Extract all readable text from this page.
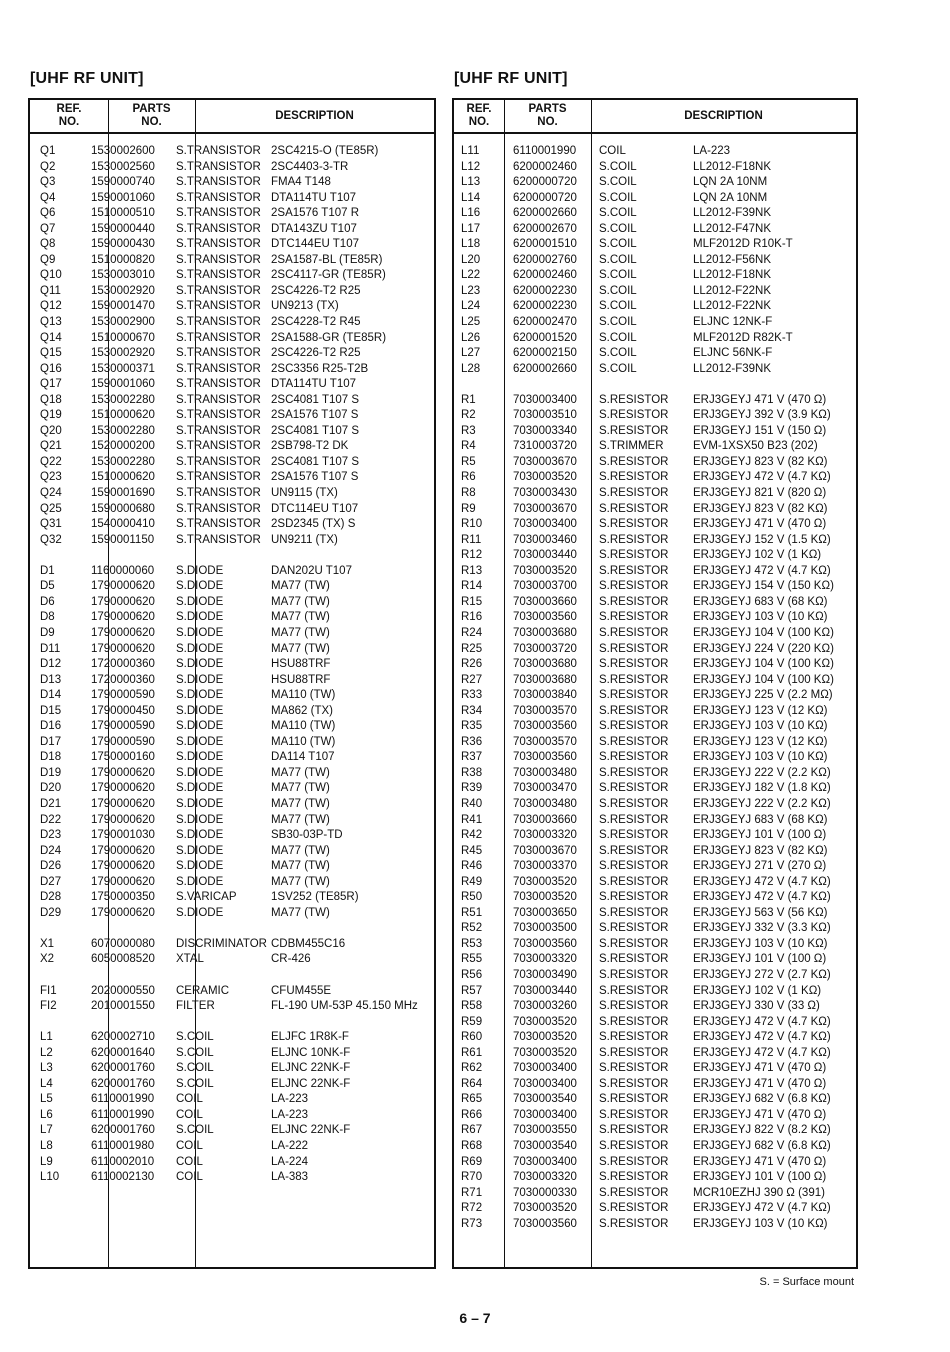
[UHF RF UNIT]	[UHF RF UNIT]
REF.
NO.
PARTS
NO.
DESCRIPTION
Q1	1530002600 S.TRANSISTOR 2SC4215-O (TE85R)
Q2	1530002560 S.TRANSISTOR 2SC4403-3-TR
Q3	1590000740 S.TRANSISTOR FMA4 T148
Q4	1590001060 S.TRANSISTOR DTA114TU T107
Q6	1510000510 S.TRANSISTOR 2SA1576 T107 R
Q7	1590000440 S.TRANSISTOR DTA143ZU T107
Q8	1590000430 S.TRANSISTOR DTC144EU T107
Q9	1510000820 S.TRANSISTOR 2SA1587-BL (TE85R)
Q10	1530003010 S.TRANSISTOR 2SC4117-GR (TE85R)
Q11	1530002920 S.TRANSISTOR 2SC4226-T2 R25
Q12	1590001470 S.TRANSISTOR UN9213 (TX)
Q13	1530002900 S.TRANSISTOR 2SC4228-T2 R45
Q14	1510000670 S.TRANSISTOR 2SA1588-GR (TE85R)
Q15	1530002920 S.TRANSISTOR 2SC4226-T2 R25
Q16	1530000371 S.TRANSISTOR 2SC3356 R25-T2B
Q17	1590001060 S.TRANSISTOR DTA114TU T107
Q18	1530002280 S.TRANSISTOR 2SC4081 T107 S
Q19	1510000620 S.TRANSISTOR 2SA1576 T107 S
Q20	1530002280 S.TRANSISTOR 2SC4081 T107 S
Q21	1520000200 S.TRANSISTOR 2SB798-T2 DK
Q22	1530002280 S.TRANSISTOR 2SC4081 T107 S
Q23	1510000620 S.TRANSISTOR 2SA1576 T107 S
Q24	1590001690 S.TRANSISTOR UN9115 (TX)
Q25	1590000680 S.TRANSISTOR DTC114EU T107
Q31	1540000410 S.TRANSISTOR 2SD2345 (TX) S
Q32	1590001150 S.TRANSISTOR UN9211 (TX)
D1	1160000060 S.DIODE	DAN202U T107
D5	1790000620 S.DIODE	MA77 (TW)
D6	1790000620 S.DIODE	MA77 (TW)
D8	1790000620 S.DIODE	MA77 (TW)
D9	1790000620 S.DIODE	MA77 (TW)
D11	1790000620 S.DIODE	MA77 (TW)
D12	1720000360 S.DIODE	HSU88TRF
D13	1720000360 S.DIODE	HSU88TRF
D14	1790000590 S.DIODE	MA110 (TW)
D15	1790000450 S.DIODE	MA862 (TX)
D16	1790000590 S.DIODE	MA110 (TW)
D17	1790000590 S.DIODE	MA110 (TW)
D18	1750000160 S.DIODE	DA114 T107
D19	1790000620 S.DIODE	MA77 (TW)
D20	1790000620 S.DIODE	MA77 (TW)
D21	1790000620 S.DIODE	MA77 (TW)
D22	1790000620 S.DIODE	MA77 (TW)
D23	1790001030 S.DIODE	SB30-03P-TD
D24	1790000620 S.DIODE	MA77 (TW)
D26	1790000620 S.DIODE	MA77 (TW)
D27	1790000620 S.DIODE	MA77 (TW)
D28	1750000350 S.VARICAP	1SV252 (TE85R)
D29	1790000620 S.DIODE	MA77 (TW)
X1	6070000080 DISCRIMINATOR CDBM455C16
X2	6050008520 XTAL	CR-426
FI1	2020000550 CERAMIC	CFUM455E
FI2	2010001550 FILTER	FL-190 UM-53P 45.150 MHz
L1	6200002710 S.COIL	ELJFC 1R8K-F
L2	6200001640 S.COIL	ELJNC 10NK-F
L3	6200001760 S.COIL	ELJNC 22NK-F
L4	6200001760 S.COIL	ELJNC 22NK-F
L5	6110001990 COIL	LA-223
L6	6110001990 COIL	LA-223
L7	6200001760 S.COIL	ELJNC 22NK-F
L8	6110001980 COIL	LA-222
L9	6110002010 COIL	LA-224
L10	6110002130 COIL	LA-383
REF.
NO.
PARTS
NO.
DESCRIPTION
L11	6110001990 COIL	LA-223
L12	6200002460 S.COIL	LL2012-F18NK
L13	6200000720 S.COIL	LQN 2A 10NM
L14	6200000720 S.COIL	LQN 2A 10NM
L16	6200002660 S.COIL	LL2012-F39NK
L17	6200002670 S.COIL	LL2012-F47NK
L18	6200001510 S.COIL	MLF2012D R10K-T
L20	6200002760 S.COIL	LL2012-F56NK
L22	6200002460 S.COIL	LL2012-F18NK
L23	6200002230 S.COIL	LL2012-F22NK
L24	6200002230 S.COIL	LL2012-F22NK
L25	6200002470 S.COIL	ELJNC 12NK-F
L26	6200001520 S.COIL	MLF2012D R82K-T
L27	6200002150 S.COIL	ELJNC 56NK-F
L28	6200002660 S.COIL	LL2012-F39NK
R1	7030003400 S.RESISTOR ERJ3GEYJ 471 V (470 Ω)
R2	7030003510 S.RESISTOR ERJ3GEYJ 392 V (3.9 KΩ)
R3	7030003340 S.RESISTOR ERJ3GEYJ 151 V (150 Ω)
R4	7310003720 S.TRIMMER	EVM-1XSX50 B23 (202)
R5	7030003670 S.RESISTOR ERJ3GEYJ 823 V (82 KΩ)
R6	7030003520 S.RESISTOR ERJ3GEYJ 472 V (4.7 KΩ)
R8	7030003430 S.RESISTOR ERJ3GEYJ 821 V (820 Ω)
R9	7030003670 S.RESISTOR ERJ3GEYJ 823 V (82 KΩ)
R10	7030003400 S.RESISTOR ERJ3GEYJ 471 V (470 Ω)
R11	7030003460 S.RESISTOR ERJ3GEYJ 152 V (1.5 KΩ)
R12	7030003440 S.RESISTOR ERJ3GEYJ 102 V (1 KΩ)
R13	7030003520 S.RESISTOR ERJ3GEYJ 472 V (4.7 KΩ)
R14	7030003700 S.RESISTOR ERJ3GEYJ 154 V (150 KΩ)
R15	7030003660 S.RESISTOR ERJ3GEYJ 683 V (68 KΩ)
R16	7030003560 S.RESISTOR ERJ3GEYJ 103 V (10 KΩ)
R24	7030003680 S.RESISTOR ERJ3GEYJ 104 V (100 KΩ)
R25	7030003720 S.RESISTOR ERJ3GEYJ 224 V (220 KΩ)
R26	7030003680 S.RESISTOR ERJ3GEYJ 104 V (100 KΩ)
R27	7030003680 S.RESISTOR ERJ3GEYJ 104 V (100 KΩ)
R33	7030003840 S.RESISTOR ERJ3GEYJ 225 V (2.2 MΩ)
R34	7030003570 S.RESISTOR ERJ3GEYJ 123 V (12 KΩ)
R35	7030003560 S.RESISTOR ERJ3GEYJ 103 V (10 KΩ)
R36	7030003570 S.RESISTOR ERJ3GEYJ 123 V (12 KΩ)
R37	7030003560 S.RESISTOR ERJ3GEYJ 103 V (10 KΩ)
R38	7030003480 S.RESISTOR ERJ3GEYJ 222 V (2.2 KΩ)
R39	7030003470 S.RESISTOR ERJ3GEYJ 182 V (1.8 KΩ)
R40	7030003480 S.RESISTOR ERJ3GEYJ 222 V (2.2 KΩ)
R41	7030003660 S.RESISTOR ERJ3GEYJ 683 V (68 KΩ)
R42	7030003320 S.RESISTOR ERJ3GEYJ 101 V (100 Ω)
R45	7030003670 S.RESISTOR ERJ3GEYJ 823 V (82 KΩ)
R46	7030003370 S.RESISTOR ERJ3GEYJ 271 V (270 Ω)
R49	7030003520 S.RESISTOR ERJ3GEYJ 472 V (4.7 KΩ)
R50	7030003520 S.RESISTOR ERJ3GEYJ 472 V (4.7 KΩ)
R51	7030003650 S.RESISTOR ERJ3GEYJ 563 V (56 KΩ)
R52	7030003500 S.RESISTOR ERJ3GEYJ 332 V (3.3 KΩ)
R53	7030003560 S.RESISTOR ERJ3GEYJ 103 V (10 KΩ)
R55	7030003320 S.RESISTOR ERJ3GEYJ 101 V (100 Ω)
R56	7030003490 S.RESISTOR ERJ3GEYJ 272 V (2.7 KΩ)
R57	7030003440 S.RESISTOR ERJ3GEYJ 102 V (1 KΩ)
R58	7030003260 S.RESISTOR ERJ3GEYJ 330 V (33 Ω)
R59	7030003520 S.RESISTOR ERJ3GEYJ 472 V (4.7 KΩ)
R60	7030003520 S.RESISTOR ERJ3GEYJ 472 V (4.7 KΩ)
R61	7030003520 S.RESISTOR ERJ3GEYJ 472 V (4.7 KΩ)
R62	7030003400 S.RESISTOR ERJ3GEYJ 471 V (470 Ω)
R64	7030003400 S.RESISTOR ERJ3GEYJ 471 V (470 Ω)
R65	7030003540 S.RESISTOR ERJ3GEYJ 682 V (6.8 KΩ)
R66	7030003400 S.RESISTOR ERJ3GEYJ 471 V (470 Ω)
R67	7030003550 S.RESISTOR ERJ3GEYJ 822 V (8.2 KΩ)
R68	7030003540 S.RESISTOR ERJ3GEYJ 682 V (6.8 KΩ)
R69	7030003400 S.RESISTOR ERJ3GEYJ 471 V (470 Ω)
R70	7030003320 S.RESISTOR ERJ3GEYJ 101 V (100 Ω)
R71	7030000330 S.RESISTOR MCR10EZHJ 390 Ω (391)
R72	7030003520 S.RESISTOR ERJ3GEYJ 472 V (4.7 KΩ)
R73	7030003560 S.RESISTOR ERJ3GEYJ 103 V (10 KΩ)
S. = Surface mount
6 – 7
